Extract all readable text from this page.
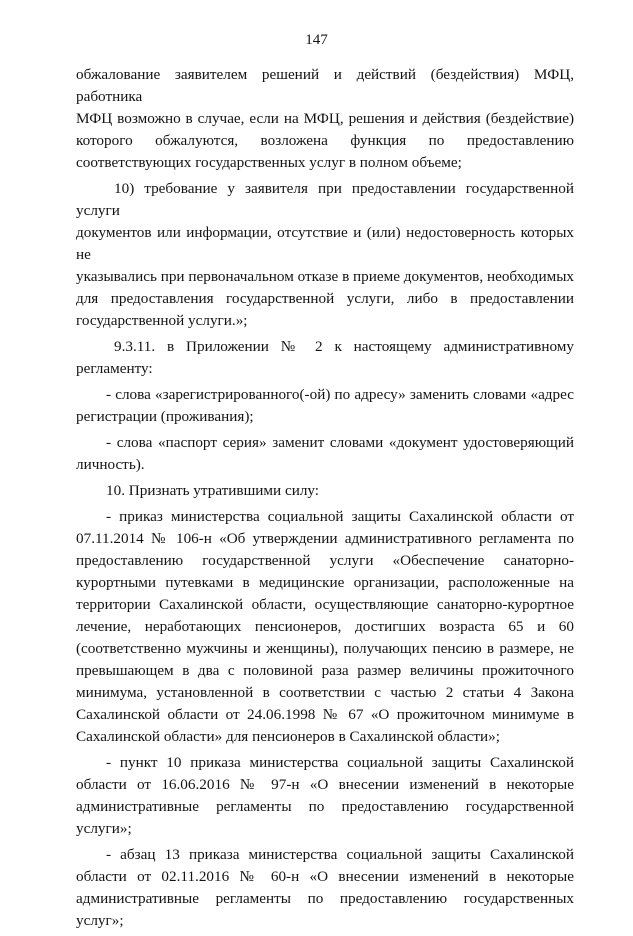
147

обжалование заявителем решений и действий (бездействия) МФЦ, работника
МФЦ возможно в случае, если на МФЦ, решения и действия (бездействие)
которого обжалуются, возложена функция по предоставлению
соответствующих государственных услуг в полном объеме;

10) требование у заявителя при предоставлении государственной услуги
документов или информации, отсутствие и (или) недостоверность которых не
указывались при первоначальном отказе в приеме документов, необходимых
для предоставления государственной услуги, либо в предоставлении
государственной услуги.»;

9.3.11. в Приложении № 2 к настоящему административному регламенту:

- слова «зарегистрированного(-ой) по адресу» заменить словами «адрес
регистрации (проживания);

- слова «паспорт серия» заменит словами «документ удостоверяющий
личность).

10. Признать утратившими силу:

- приказ министерства социальной защиты Сахалинской области от
07.11.2014 № 106-н «Об утверждении административного регламента по
предоставлению государственной услуги «Обеспечение санаторно-
курортными путевками в медицинские организации, расположенные на
территории Сахалинской области, осуществляющие санаторно-курортное
лечение, неработающих пенсионеров, достигших возраста 65 и 60
(соответственно мужчины и женщины), получающих пенсию в размере, не
превышающем в два с половиной раза размер величины прожиточного
минимума, установленной в соответствии с частью 2 статьи 4 Закона
Сахалинской области от 24.06.1998 № 67 «О прожиточном минимуме в
Сахалинской области» для пенсионеров в Сахалинской области»;

- пункт 10 приказа министерства социальной защиты Сахалинской
области от 16.06.2016 № 97-н «О внесении изменений в некоторые
административные регламенты по предоставлению государственной услуги»;

- абзац 13 приказа министерства социальной защиты Сахалинской
области от 02.11.2016 № 60-н «О внесении изменений в некоторые
административные регламенты по предоставлению государственных услуг»;
